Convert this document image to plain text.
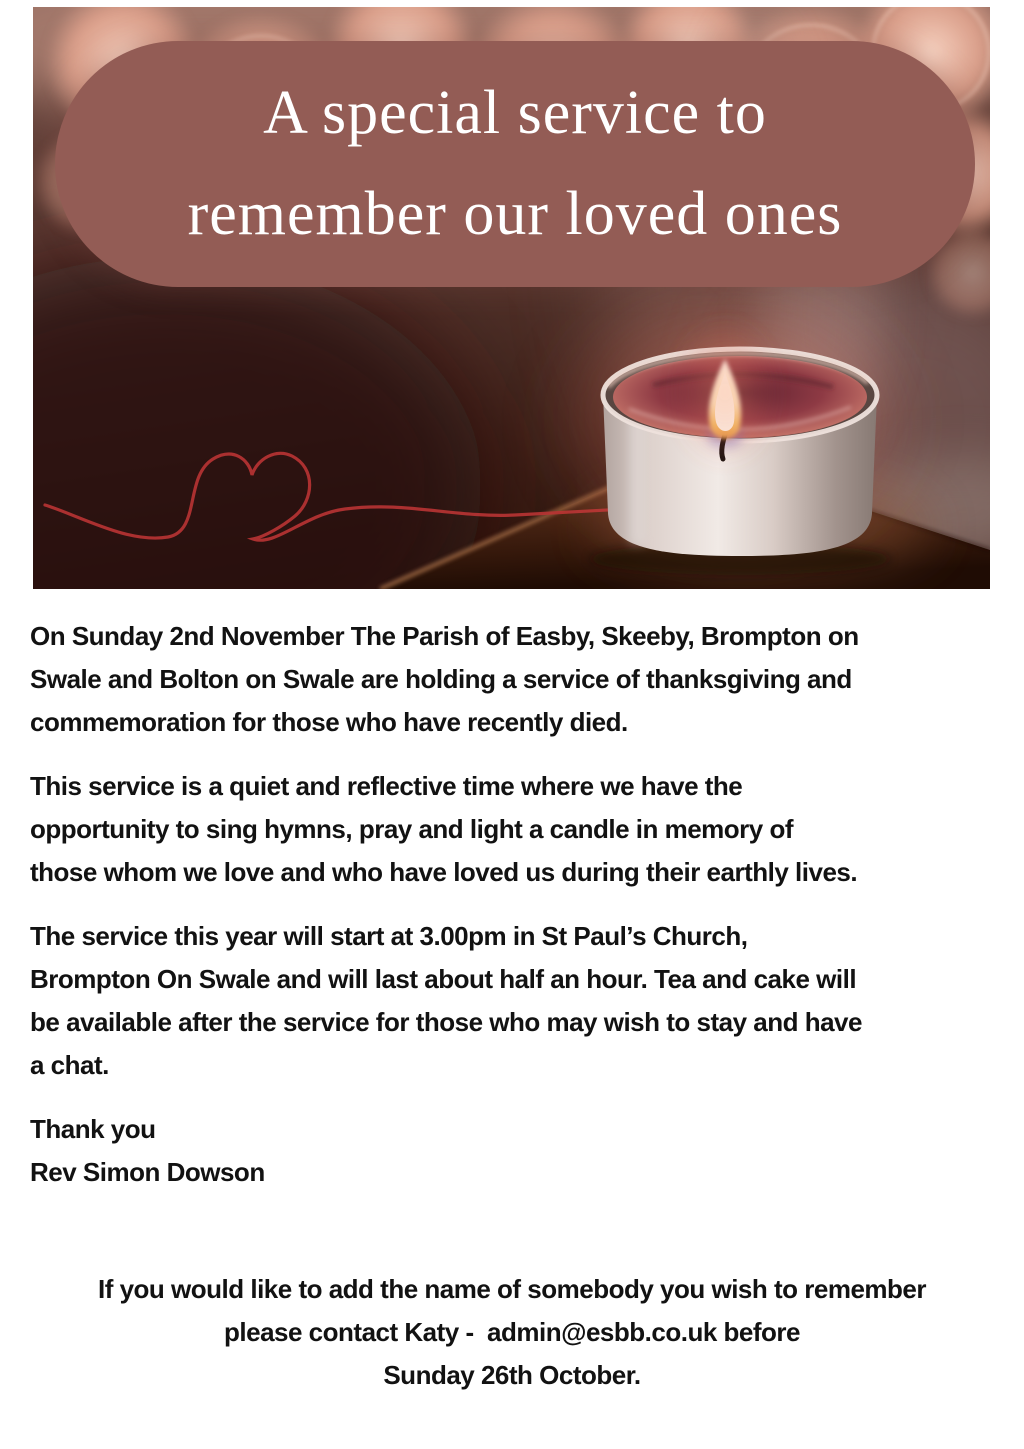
A special service to
remember our loved ones

On Sunday 2nd November The Parish of Easby, Skeeby, Brompton on
Swale and Bolton on Swale are holding a service of thanksgiving and
commemoration for those who have recently died.

This service is a quiet and reflective time where we have the
opportunity to sing hymns, pray and light a candle in memory of
those whom we love and who have loved us during their earthly lives.

The service this year will start at 3.00pm in St Paul’s Church,
Brompton On Swale and will last about half an hour. Tea and cake will
be available after the service for those who may wish to stay and have
a chat.

Thank you
Rev Simon Dowson
If you would like to add the name of somebody you wish to remember
please contact Katy -  admin@esbb.co.uk before
Sunday 26th October.
